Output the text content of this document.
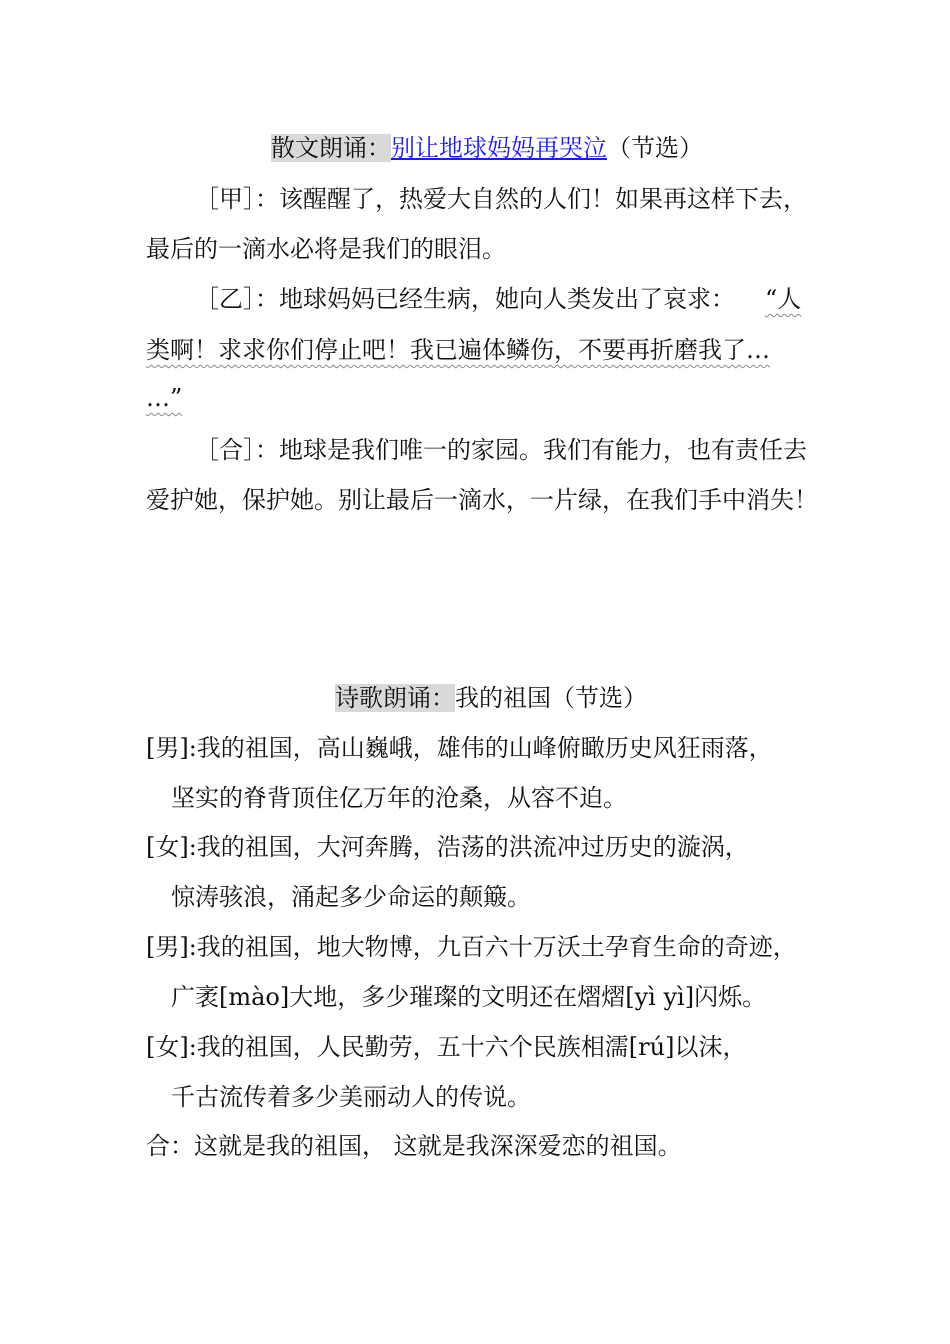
散文朗诵：别让地球妈妈再哭泣（节选）
［甲］：该醒醒了，热爱大自然的人们！如果再这样下去，
最后的一滴水必将是我们的眼泪。
［乙］：地球妈妈已经生病，她向人类发出了哀求： “人
类啊！求求你们停止吧！我已遍体鳞伤，不要再折磨我了…
…”
［合］：地球是我们唯一的家园。我们有能力，也有责任去
爱护她，保护她。别让最后一滴水，一片绿，在我们手中消失！
诗歌朗诵：我的祖国（节选）
[男]:我的祖国，高山巍峨，雄伟的山峰俯瞰历史风狂雨落，
坚实的脊背顶住亿万年的沧桑，从容不迫。
[女]:我的祖国，大河奔腾，浩荡的洪流冲过历史的漩涡，
惊涛骇浪，涌起多少命运的颠簸。
[男]:我的祖国，地大物博，九百六十万沃土孕育生命的奇迹，
广袤[mào]大地，多少璀璨的文明还在熠熠[yì yì]闪烁。
[女]:我的祖国，人民勤劳，五十六个民族相濡[rú]以沫，
千古流传着多少美丽动人的传说。
合：这就是我的祖国， 这就是我深深爱恋的祖国。
